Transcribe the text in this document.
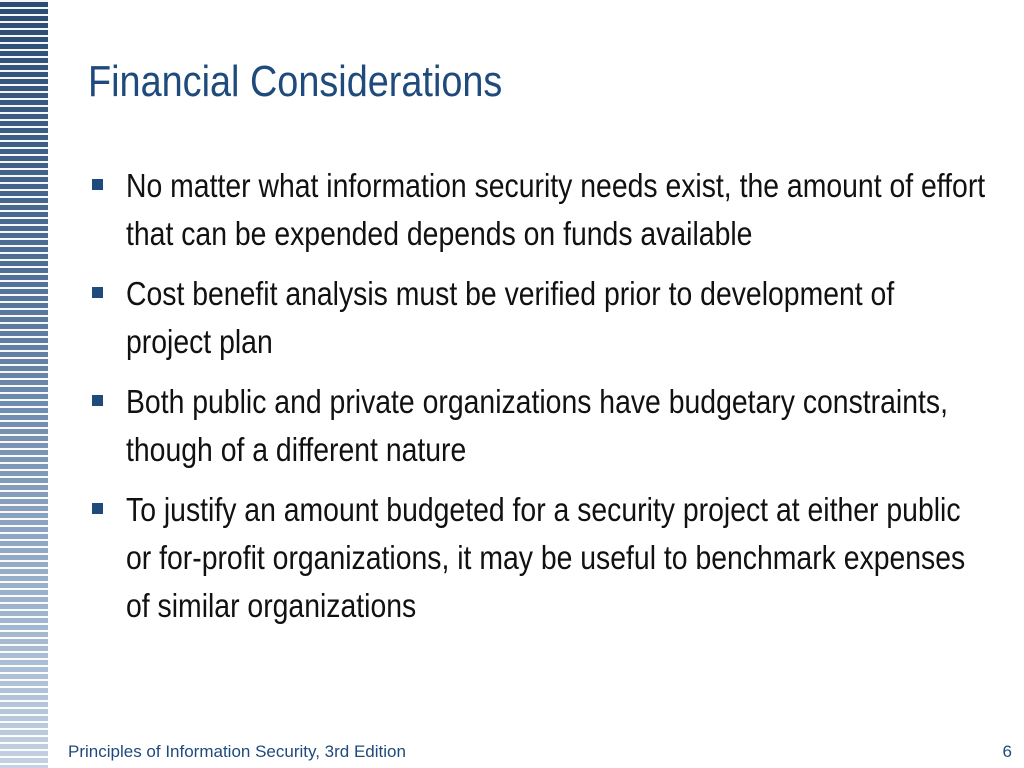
Financial Considerations
No matter what information security needs exist, the amount of effort that can be expended depends on funds available
Cost benefit analysis must be verified prior to development of project plan
Both public and private organizations have budgetary constraints, though of a different nature
To justify an amount budgeted for a security project at either public or for-profit organizations, it may be useful to benchmark expenses of similar organizations
Principles of Information Security, 3rd Edition	6
